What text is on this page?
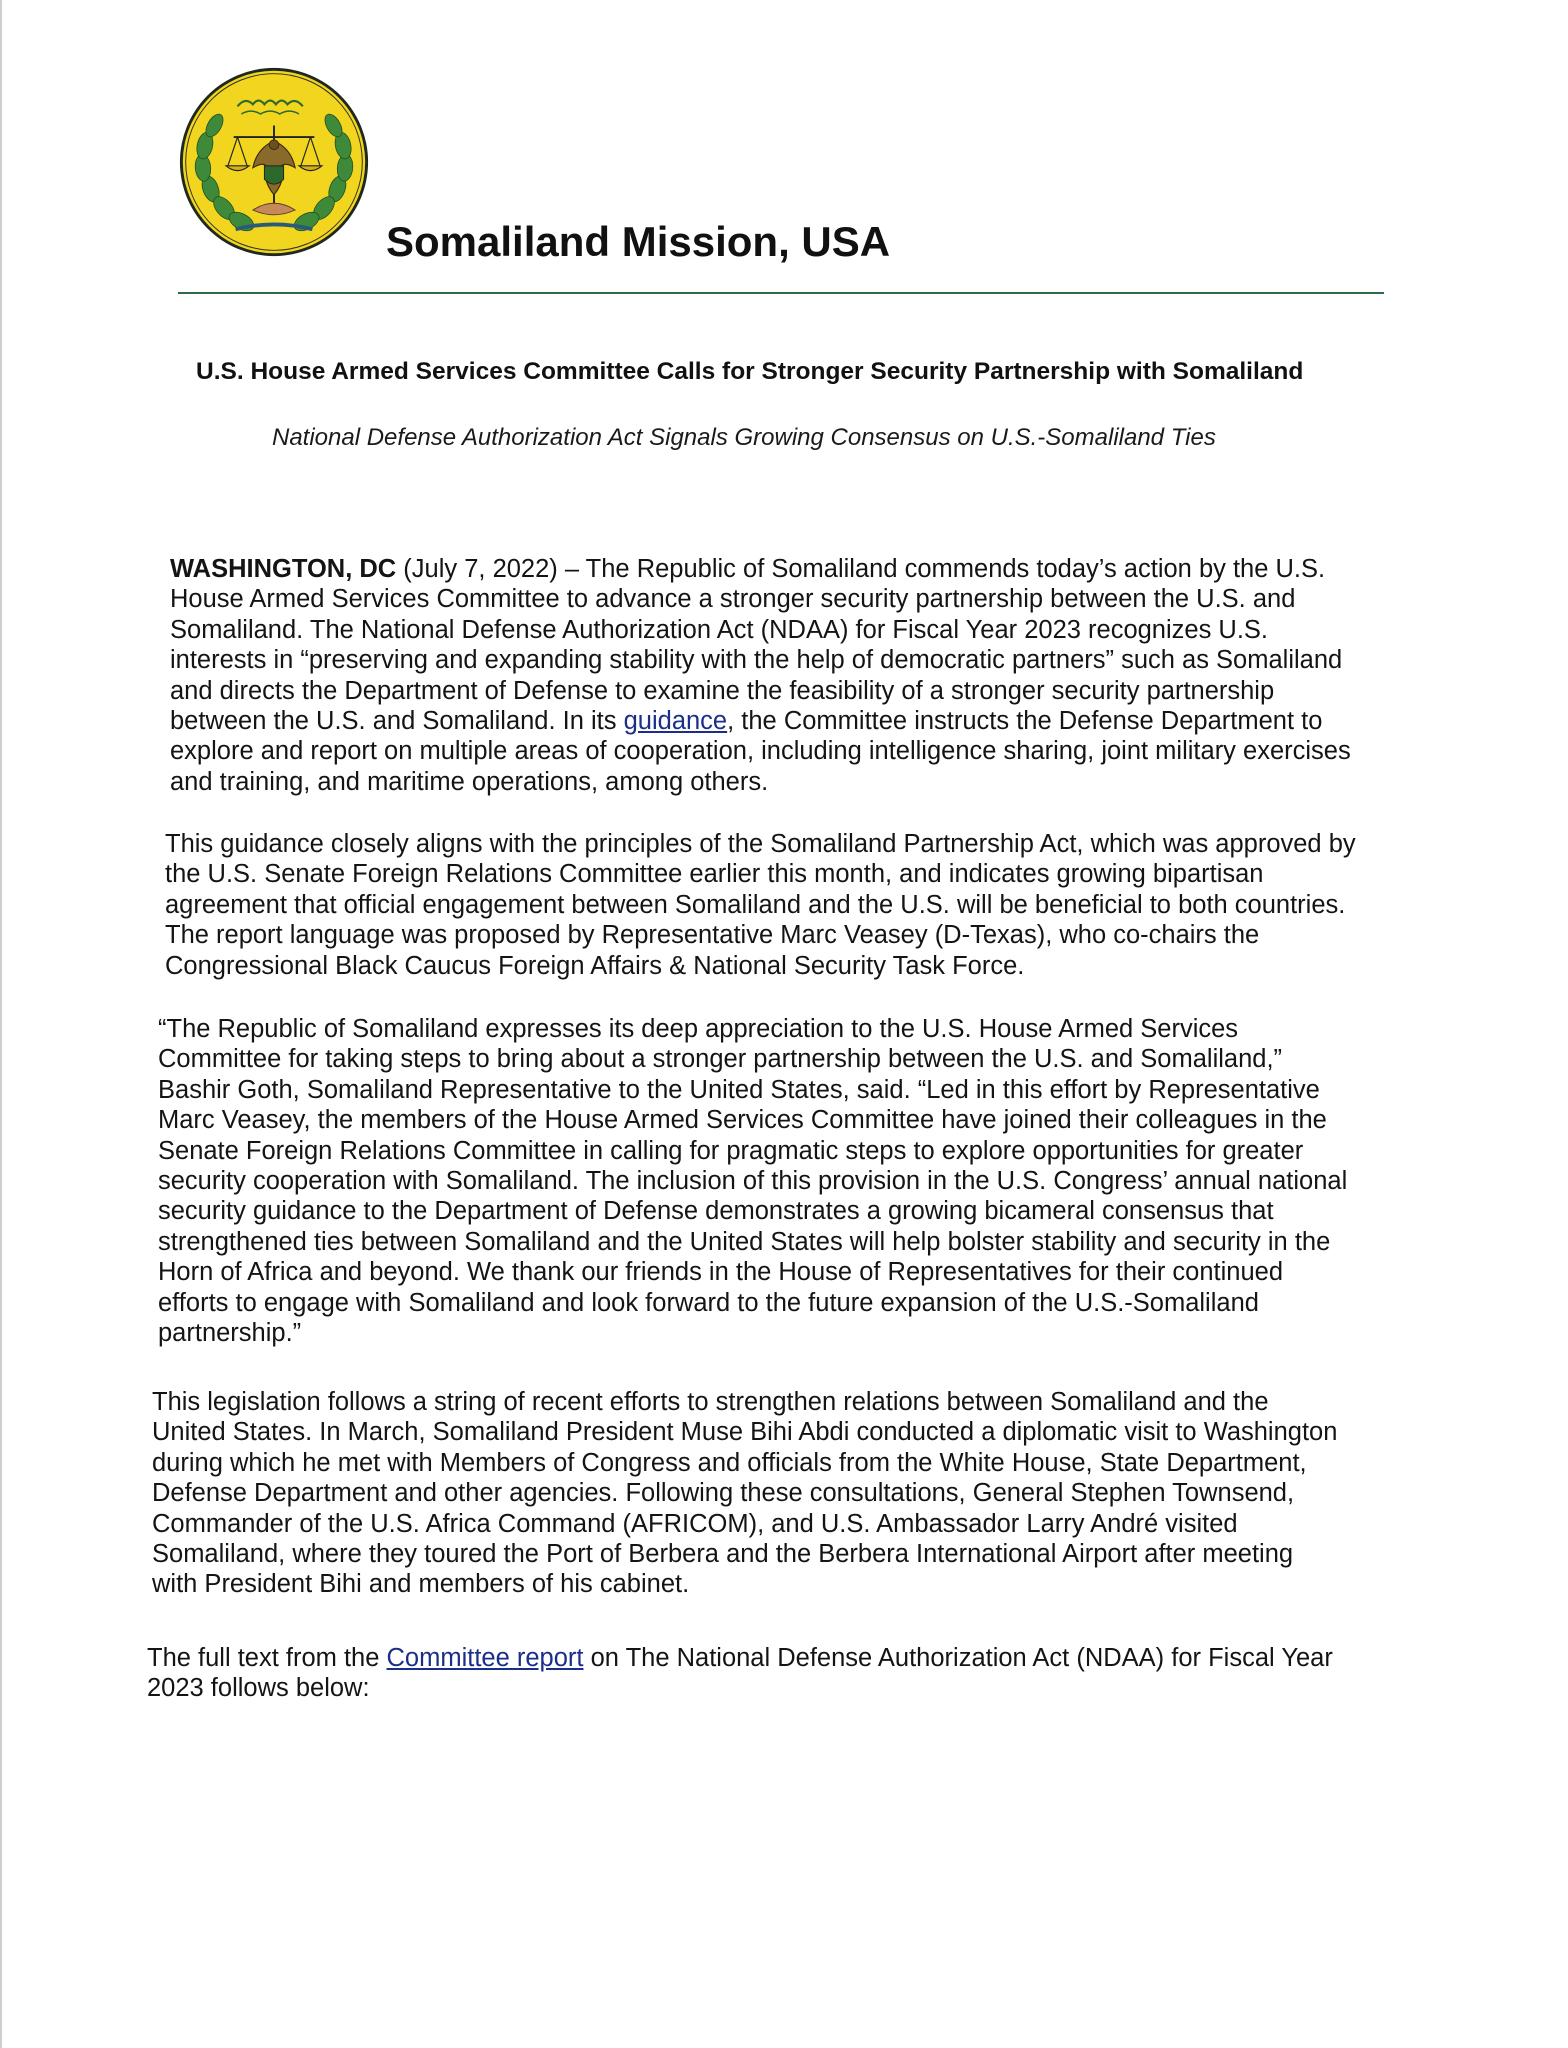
Somaliland Mission, USA
U.S. House Armed Services Committee Calls for Stronger Security Partnership with Somaliland
National Defense Authorization Act Signals Growing Consensus on U.S.-Somaliland Ties
WASHINGTON, DC (July 7, 2022) – The Republic of Somaliland commends today’s action by the U.S.
House Armed Services Committee to advance a stronger security partnership between the U.S. and
Somaliland. The National Defense Authorization Act (NDAA) for Fiscal Year 2023 recognizes U.S.
interests in “preserving and expanding stability with the help of democratic partners” such as Somaliland
and directs the Department of Defense to examine the feasibility of a stronger security partnership
between the U.S. and Somaliland. In its guidance, the Committee instructs the Defense Department to
explore and report on multiple areas of cooperation, including intelligence sharing, joint military exercises
and training, and maritime operations, among others.
This guidance closely aligns with the principles of the Somaliland Partnership Act, which was approved by
the U.S. Senate Foreign Relations Committee earlier this month, and indicates growing bipartisan
agreement that official engagement between Somaliland and the U.S. will be beneficial to both countries.
The report language was proposed by Representative Marc Veasey (D-Texas), who co-chairs the
Congressional Black Caucus Foreign Affairs & National Security Task Force.
“The Republic of Somaliland expresses its deep appreciation to the U.S. House Armed Services
Committee for taking steps to bring about a stronger partnership between the U.S. and Somaliland,”
Bashir Goth, Somaliland Representative to the United States, said. “Led in this effort by Representative
Marc Veasey, the members of the House Armed Services Committee have joined their colleagues in the
Senate Foreign Relations Committee in calling for pragmatic steps to explore opportunities for greater
security cooperation with Somaliland. The inclusion of this provision in the U.S. Congress’ annual national
security guidance to the Department of Defense demonstrates a growing bicameral consensus that
strengthened ties between Somaliland and the United States will help bolster stability and security in the
Horn of Africa and beyond. We thank our friends in the House of Representatives for their continued
efforts to engage with Somaliland and look forward to the future expansion of the U.S.-Somaliland
partnership.”
This legislation follows a string of recent efforts to strengthen relations between Somaliland and the
United States. In March, Somaliland President Muse Bihi Abdi conducted a diplomatic visit to Washington
during which he met with Members of Congress and officials from the White House, State Department,
Defense Department and other agencies. Following these consultations, General Stephen Townsend,
Commander of the U.S. Africa Command (AFRICOM), and U.S. Ambassador Larry André visited
Somaliland, where they toured the Port of Berbera and the Berbera International Airport after meeting
with President Bihi and members of his cabinet.
The full text from the Committee report on The National Defense Authorization Act (NDAA) for Fiscal Year
2023 follows below:
